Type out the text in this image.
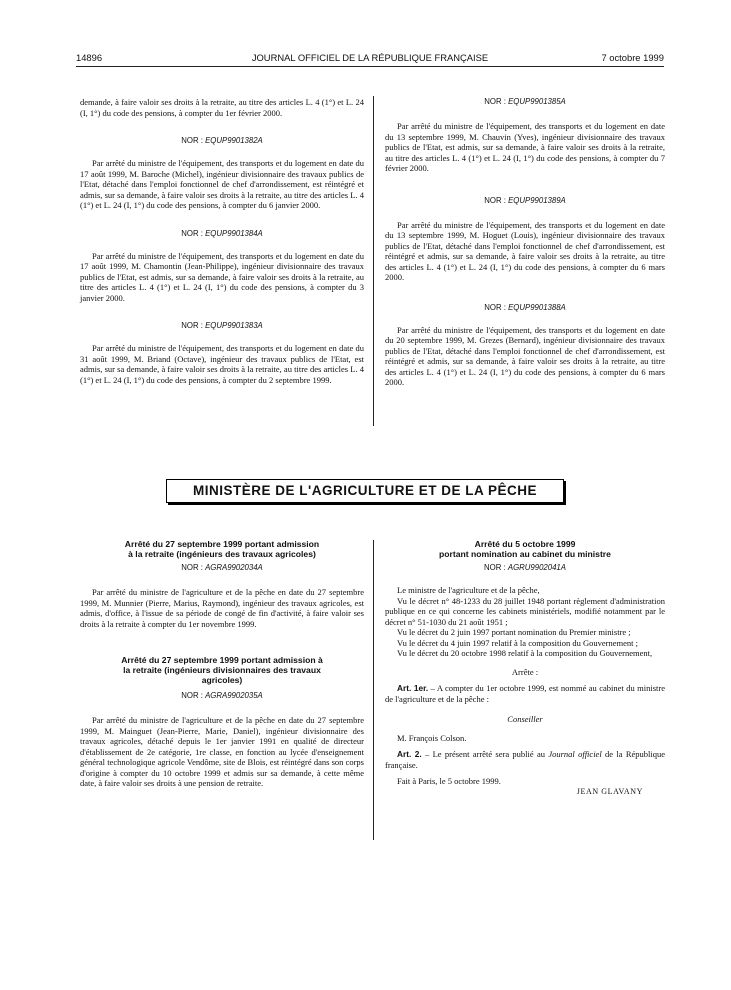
14896	JOURNAL OFFICIEL DE LA RÉPUBLIQUE FRANÇAISE	7 octobre 1999

demande, à faire valoir ses droits à la retraite, au titre des articles L. 4 (1°) et L. 24 (I, 1°) du code des pensions, à compter du 1er février 2000.

NOR : EQUP9901382A

Par arrêté du ministre de l'équipement, des transports et du logement en date du 17 août 1999, M. Baroche (Michel), ingénieur divisionnaire des travaux publics de l'Etat, détaché dans l'emploi fonctionnel de chef d'arrondissement, est réintégré et admis, sur sa demande, à faire valoir ses droits à la retraite, au titre des articles L. 4 (1°) et L. 24 (I, 1°) du code des pensions, à compter du 6 janvier 2000.

NOR : EQUP9901384A

Par arrêté du ministre de l'équipement, des transports et du logement en date du 17 août 1999, M. Chamontin (Jean-Philippe), ingénieur divisionnaire des travaux publics de l'Etat, est admis, sur sa demande, à faire valoir ses droits à la retraite, au titre des articles L. 4 (1°) et L. 24 (I, 1°) du code des pensions, à compter du 3 janvier 2000.

NOR : EQUP9901383A

Par arrêté du ministre de l'équipement, des transports et du logement en date du 31 août 1999, M. Briand (Octave), ingénieur des travaux publics de l'Etat, est admis, sur sa demande, à faire valoir ses droits à la retraite, au titre des articles L. 4 (1°) et L. 24 (I, 1°) du code des pensions, à compter du 2 septembre 1999.

NOR : EQUP9901385A

Par arrêté du ministre de l'équipement, des transports et du logement en date du 13 septembre 1999, M. Chauvin (Yves), ingénieur divisionnaire des travaux publics de l'Etat, est admis, sur sa demande, à faire valoir ses droits à la retraite, au titre des articles L. 4 (1°) et L. 24 (I, 1°) du code des pensions, à compter du 7 février 2000.

NOR : EQUP9901389A

Par arrêté du ministre de l'équipement, des transports et du logement en date du 13 septembre 1999, M. Hoguet (Louis), ingénieur divisionnaire des travaux publics de l'Etat, détaché dans l'emploi fonctionnel de chef d'arrondissement, est réintégré et admis, sur sa demande, à faire valoir ses droits à la retraite, au titre des articles L. 4 (1°) et L. 24 (I, 1°) du code des pensions, à compter du 6 mars 2000.

NOR : EQUP9901388A

Par arrêté du ministre de l'équipement, des transports et du logement en date du 20 septembre 1999, M. Grezes (Bernard), ingénieur divisionnaire des travaux publics de l'Etat, détaché dans l'emploi fonctionnel de chef d'arrondissement, est réintégré et admis, sur sa demande, à faire valoir ses droits à la retraite, au titre des articles L. 4 (1°) et L. 24 (I, 1°) du code des pensions, à compter du 6 mars 2000.

MINISTÈRE DE L'AGRICULTURE ET DE LA PÊCHE

Arrêté du 27 septembre 1999 portant admission
à la retraite (ingénieurs des travaux agricoles)

NOR : AGRA9902034A

Par arrêté du ministre de l'agriculture et de la pêche en date du 27 septembre 1999, M. Munnier (Pierre, Marius, Raymond), ingénieur des travaux agricoles, est admis, d'office, à l'issue de sa période de congé de fin d'activité, à faire valoir ses droits à la retraite à compter du 1er novembre 1999.

Arrêté du 27 septembre 1999 portant admission à
la retraite (ingénieurs divisionnaires des travaux
agricoles)

NOR : AGRA9902035A

Par arrêté du ministre de l'agriculture et de la pêche en date du 27 septembre 1999, M. Mainguet (Jean-Pierre, Marie, Daniel), ingénieur divisionnaire des travaux agricoles, détaché depuis le 1er janvier 1991 en qualité de directeur d'établissement de 2e catégorie, 1re classe, en fonction au lycée d'enseignement général technologique agricole Vendôme, site de Blois, est réintégré dans son corps d'origine à compter du 10 octobre 1999 et admis sur sa demande, à cette même date, à faire valoir ses droits à une pension de retraite.

Arrêté du 5 octobre 1999
portant nomination au cabinet du ministre

NOR : AGRU9902041A

Le ministre de l'agriculture et de la pêche,

Vu le décret n° 48-1233 du 28 juillet 1948 portant règlement d'administration publique en ce qui concerne les cabinets ministériels, modifié notamment par le décret n° 51-1030 du 21 août 1951 ;

Vu le décret du 2 juin 1997 portant nomination du Premier ministre ;

Vu le décret du 4 juin 1997 relatif à la composition du Gouvernement ;

Vu le décret du 20 octobre 1998 relatif à la composition du Gouvernement,

Arrête :

Art. 1er. – A compter du 1er octobre 1999, est nommé au cabinet du ministre de l'agriculture et de la pêche :

Conseiller

M. François Colson.

Art. 2. – Le présent arrêté sera publié au Journal officiel de la République française.

Fait à Paris, le 5 octobre 1999.

JEAN GLAVANY
